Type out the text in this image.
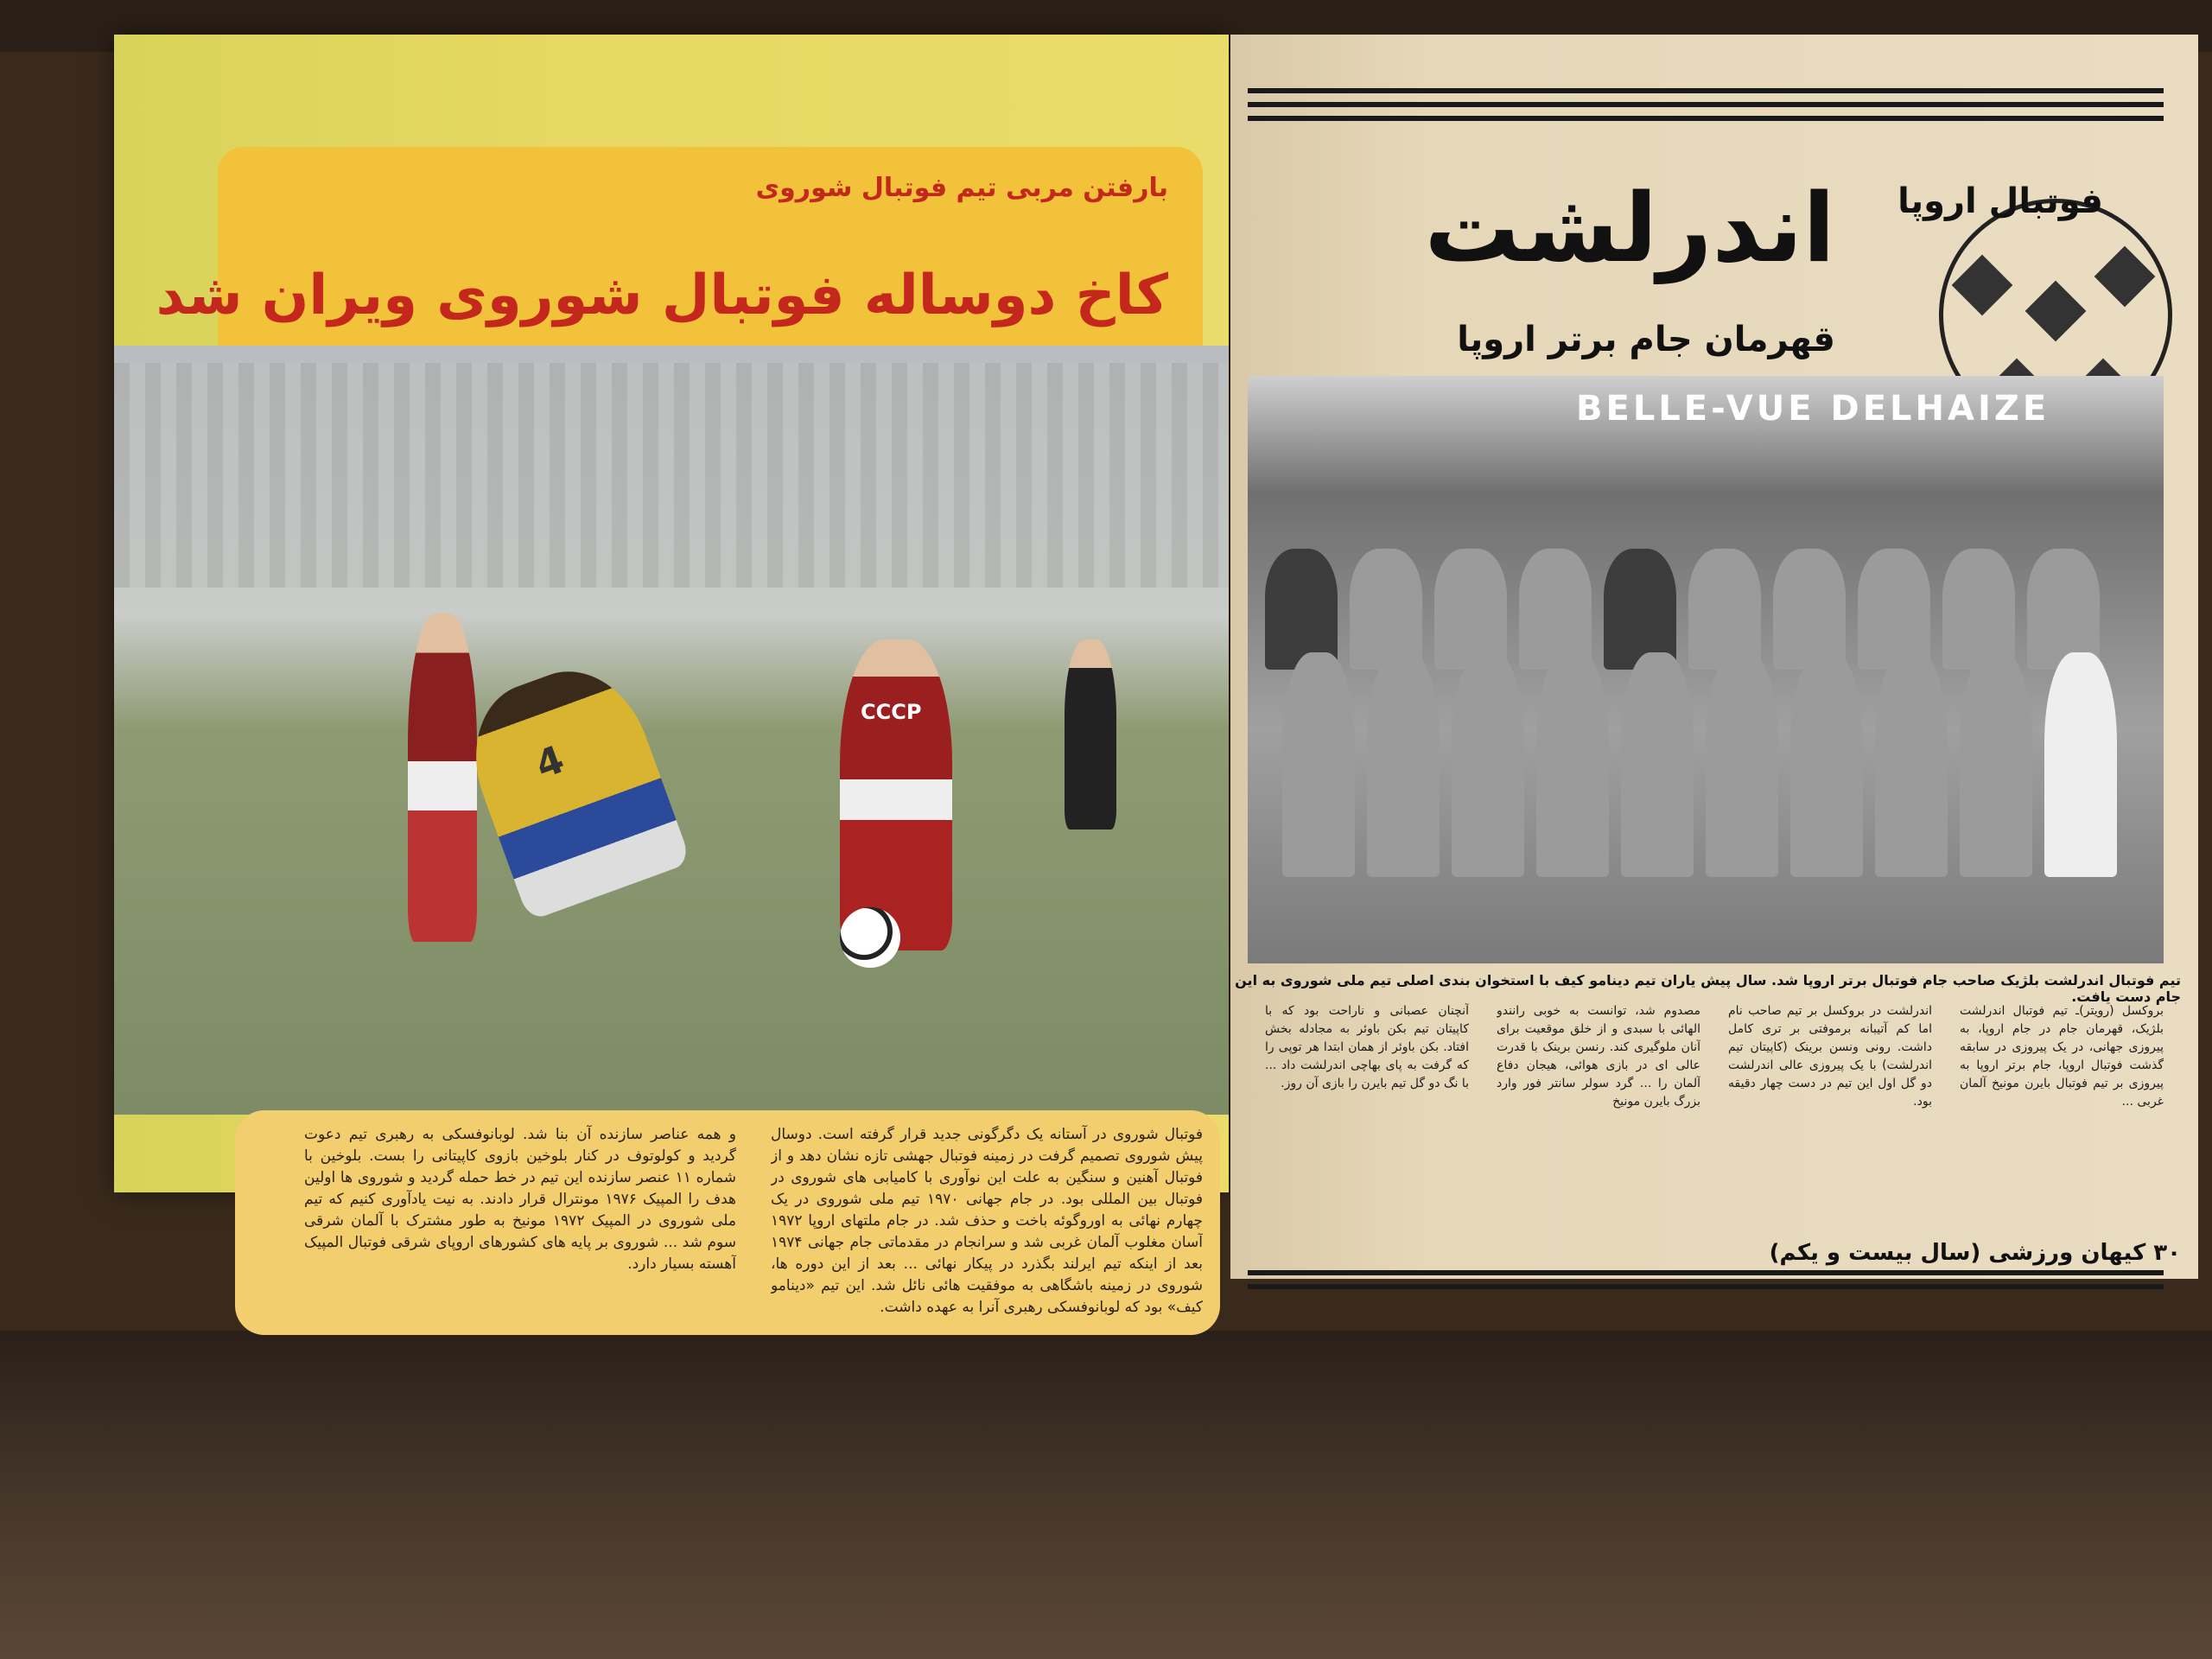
بارفتن مربی تیم فوتبال شوروی
کاخ دوساله فوتبال شوروی ویران شد
4
CCCP

فوتبال شوروی در آستانه یک دگرگونی جدید قرار گرفته است. دوسال پیش شوروی تصمیم گرفت در زمینه فوتبال جهشی تازه نشان دهد و از فوتبال آهنین و سنگین به علت این نوآوری با کامیابی های شوروی در فوتبال بین المللی بود. در جام جهانی ۱۹۷۰ تیم ملی شوروی در یک چهارم نهائی به اوروگوئه باخت و حذف شد. در جام ملتهای اروپا ۱۹۷۲ آسان مغلوب آلمان غربی شد و سرانجام در مقدماتی جام جهانی ۱۹۷۴ بعد از اینکه تیم ایرلند بگذرد در پیکار نهائی ... بعد از این دوره ها، شوروی در زمینه باشگاهی به موفقیت هائی نائل شد. این تیم «دینامو کیف» بود که لوبانوفسکی رهبری آنرا به عهده داشت.

و همه عناصر سازنده آن بنا شد. لوبانوفسکی به رهبری تیم دعوت گردید و کولوتوف در کنار بلوخین بازوی کاپیتانی را بست. بلوخین با شماره ۱۱ عنصر سازنده این تیم در خط حمله گردید و شوروی ها اولین هدف را المپیک ۱۹۷۶ مونترال قرار دادند. به نیت یادآوری کنیم که تیم ملی شوروی در المپیک ۱۹۷۲ مونیخ به طور مشترک با آلمان شرقی سوم شد ... شوروی بر پایه های کشورهای اروپای شرقی فوتبال المپیک آهسته بسیار دارد.

فوتبال اروپا
اندرلشت
قهرمان جام برتر اروپا
BELLE-VUE DELHAIZE
تیم فوتبال اندرلشت بلژیک صاحب جام فوتبال برتر اروپا شد. سال پیش یاران تیم دینامو کیف با استخوان بندی اصلی تیم ملی شوروی به این جام دست یافت.

بروکسل (رویتر)ـ تیم فوتبال اندرلشت بلژیک، قهرمان جام در جام اروپا، به پیروزی جهانی، در یک پیروزی در سابقه گذشت فوتبال اروپا، جام برتر اروپا به پیروزی بر تیم فوتبال بایرن مونیخ آلمان غربی ...

اندرلشت در بروکسل بر تیم صاحب نام اما کم آتیبانه برموفتی بر تری کامل داشت. رونی ونسن برینک (کاپیتان تیم اندرلشت) با یک پیروزی عالی اندرلشت دو گل اول این تیم در دست چهار دقیقه بود.

مصدوم شد، توانست به خوبی رانندو الهائی با سبدی و از خلق موقعیت برای آنان ملوگیری کند. رنسن برینک با قدرت عالی ای در بازی هوائی، هیجان دفاع آلمان را ... گرد سولر سانتر فور وارد بزرگ بایرن مونیخ

آنچنان عصبانی و ناراحت بود که با کاپیتان تیم بکن باوئر به مجادله بخش افتاد. بکن باوئر از همان ابتدا هر توپی را که گرفت به پای بهاچی اندرلشت داد ... با نگ دو گل تیم بایرن را بازی آن روز.

۳۰ کیهان ورزشی (سال بیست و یکم)
